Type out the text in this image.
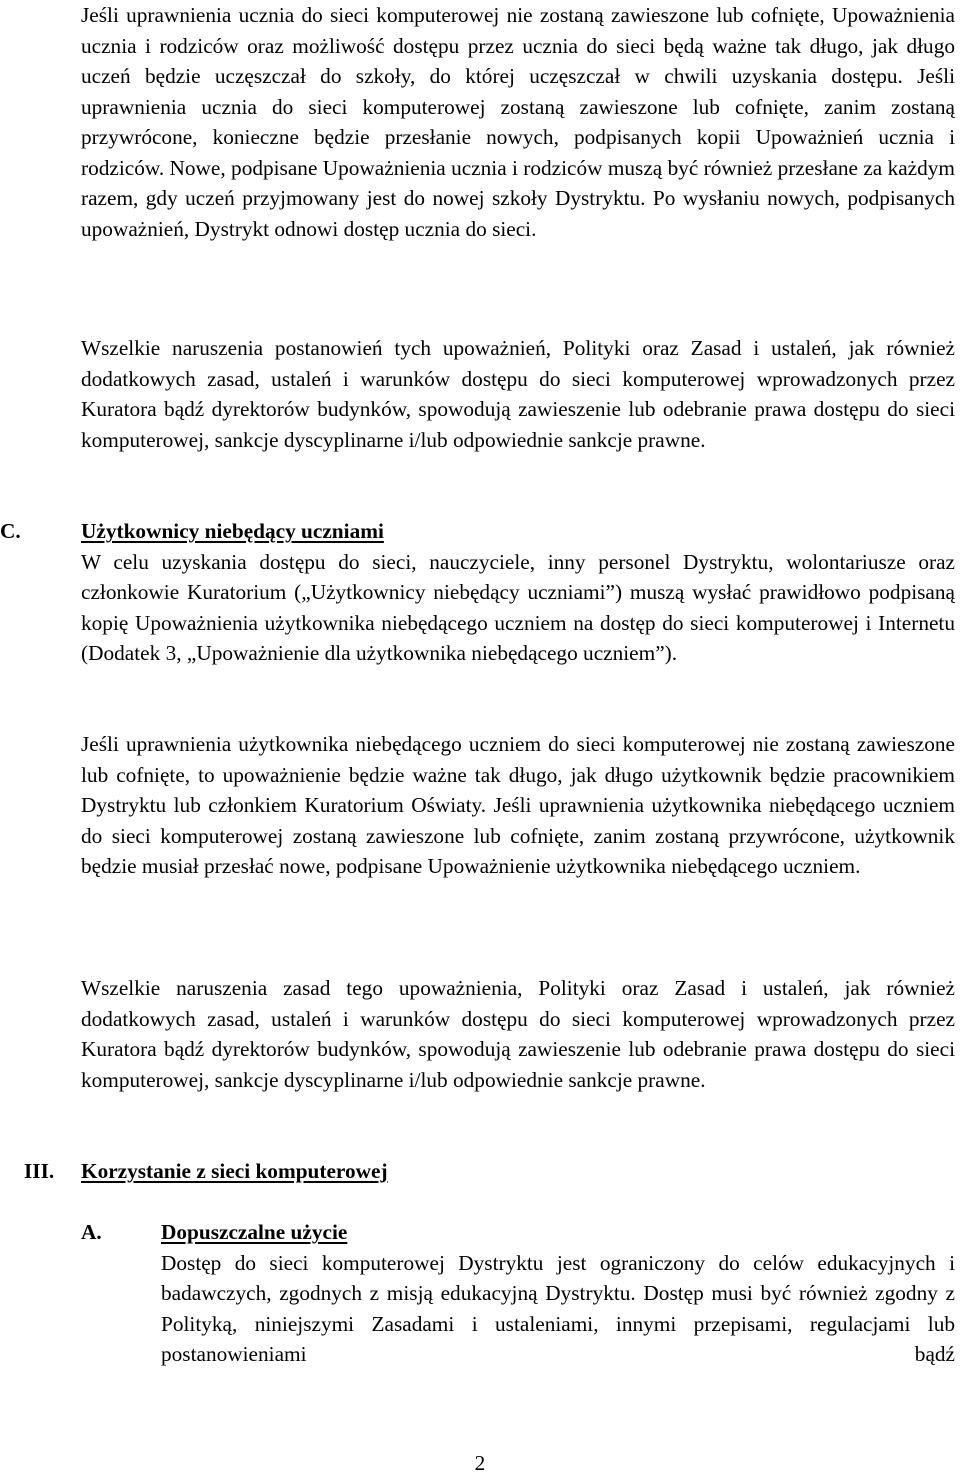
Jeśli uprawnienia ucznia do sieci komputerowej nie zostaną zawieszone lub cofnięte, Upoważnienia ucznia i rodziców oraz możliwość dostępu przez ucznia do sieci będą ważne tak długo, jak długo uczeń będzie uczęszczał do szkoły, do której uczęszczał w chwili uzyskania dostępu. Jeśli uprawnienia ucznia do sieci komputerowej zostaną zawieszone lub cofnięte, zanim zostaną przywrócone, konieczne będzie przesłanie nowych, podpisanych kopii Upoważnień ucznia i rodziców. Nowe, podpisane Upoważnienia ucznia i rodziców muszą być również przesłane za każdym razem, gdy uczeń przyjmowany jest do nowej szkoły Dystryktu. Po wysłaniu nowych, podpisanych upoważnień, Dystrykt odnowi dostęp ucznia do sieci.

Wszelkie naruszenia postanowień tych upoważnień, Polityki oraz Zasad i ustaleń, jak również dodatkowych zasad, ustaleń i warunków dostępu do sieci komputerowej wprowadzonych przez Kuratora bądź dyrektorów budynków, spowodują zawieszenie lub odebranie prawa dostępu do sieci komputerowej, sankcje dyscyplinarne i/lub odpowiednie sankcje prawne.

C.	Użytkownicy niebędący uczniami

W celu uzyskania dostępu do sieci, nauczyciele, inny personel Dystryktu, wolontariusze oraz członkowie Kuratorium („Użytkownicy niebędący uczniami”) muszą wysłać prawidłowo podpisaną kopię Upoważnienia użytkownika niebędącego uczniem na dostęp do sieci komputerowej i Internetu (Dodatek 3, „Upoważnienie dla użytkownika niebędącego uczniem”).

Jeśli uprawnienia użytkownika niebędącego uczniem do sieci komputerowej nie zostaną zawieszone lub cofnięte, to upoważnienie będzie ważne tak długo, jak długo użytkownik będzie pracownikiem Dystryktu lub członkiem Kuratorium Oświaty. Jeśli uprawnienia użytkownika niebędącego uczniem do sieci komputerowej zostaną zawieszone lub cofnięte, zanim zostaną przywrócone, użytkownik będzie musiał przesłać nowe, podpisane Upoważnienie użytkownika niebędącego uczniem.

Wszelkie naruszenia zasad tego upoważnienia, Polityki oraz Zasad i ustaleń, jak również dodatkowych zasad, ustaleń i warunków dostępu do sieci komputerowej wprowadzonych przez Kuratora bądź dyrektorów budynków, spowodują zawieszenie lub odebranie prawa dostępu do sieci komputerowej, sankcje dyscyplinarne i/lub odpowiednie sankcje prawne.

III. Korzystanie z sieci komputerowej
A.	Dopuszczalne użycie

Dostęp do sieci komputerowej Dystryktu jest ograniczony do celów edukacyjnych i badawczych, zgodnych z misją edukacyjną Dystryktu. Dostęp musi być również zgodny z Polityką, niniejszymi Zasadami i ustaleniami, innymi przepisami, regulacjami lub postanowieniami bądź

2
